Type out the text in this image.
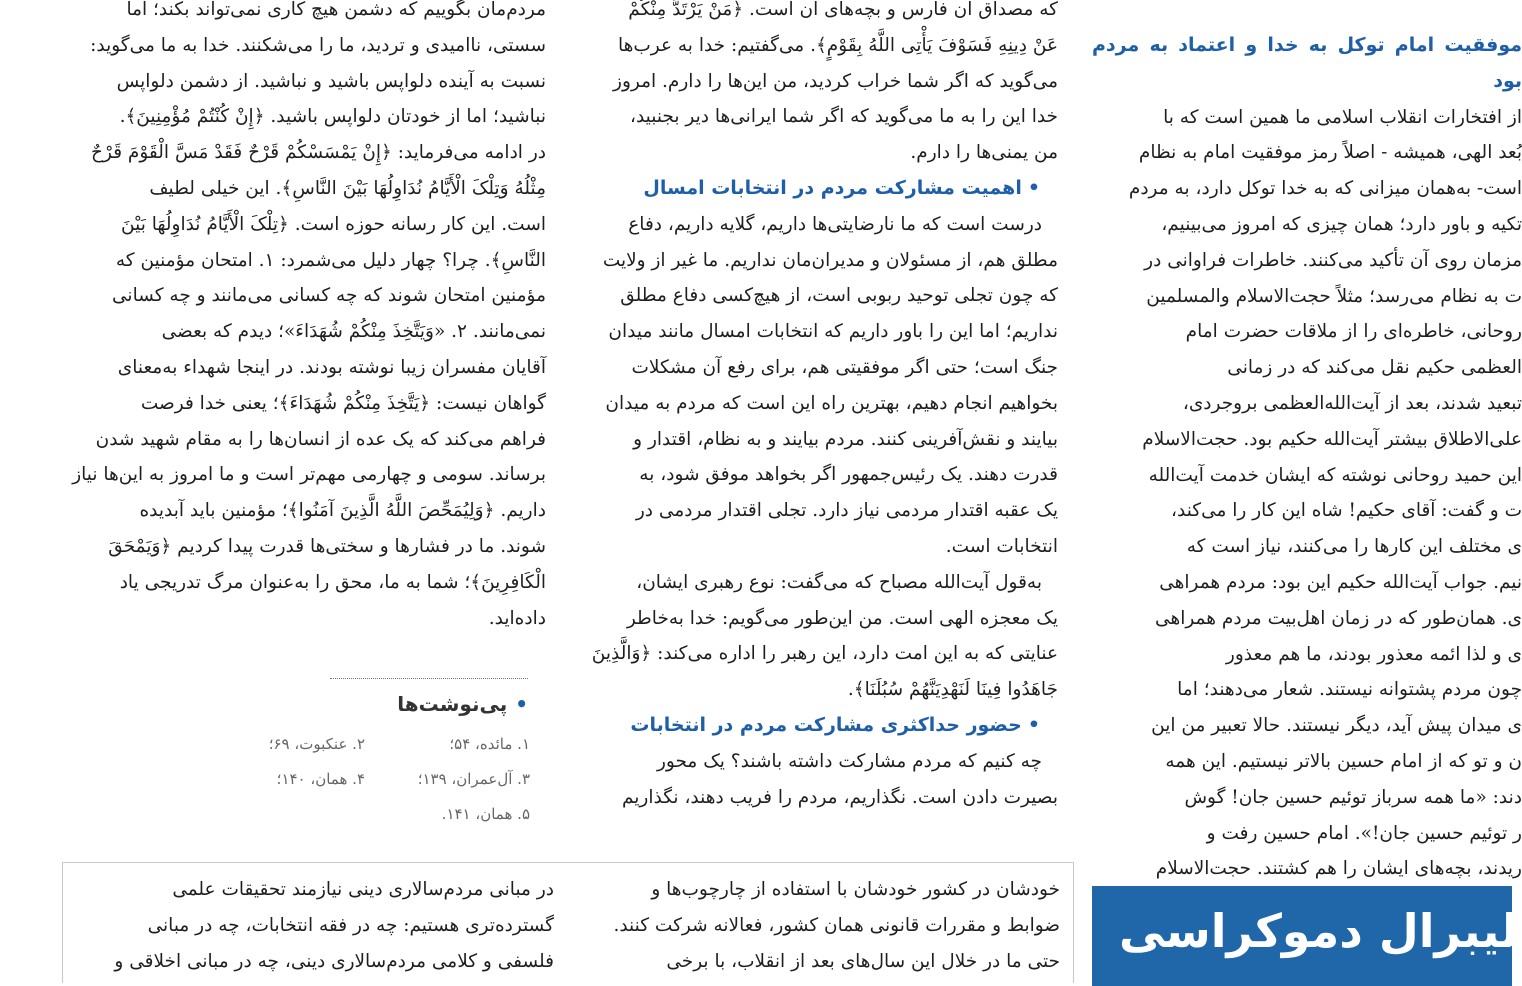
مردم‌مان بگوییم که دشمن هیچ کاری نمی‌تواند بکند؛ اما

سستی، ناامیدی و تردید، ما را می‌شکنند. خدا به ما می‌گوید:

نسبت به آینده دلواپس باشید و نباشید. از دشمن دلواپس

نباشید؛ اما از خودتان دلواپس باشید. ﴿إِنْ کُنْتُمْ مُؤْمِنِینَ﴾.

در ادامه می‌فرماید: ﴿إِنْ یَمْسَسْکُمْ قَرْحٌ فَقَدْ مَسَّ الْقَوْمَ قَرْحٌ

مِثْلُهُ وَتِلْکَ الْأَیَّامُ نُدَاوِلُهَا بَیْنَ النَّاسِ﴾. این خیلی لطیف

است. این کار رسانه حوزه است. ﴿تِلْکَ الْأَیَّامُ نُدَاوِلُهَا بَیْنَ

النَّاسِ﴾. چرا؟ چهار دلیل می‌شمرد: ۱. امتحان مؤمنین که

مؤمنین امتحان شوند که چه کسانی می‌مانند و چه کسانی

نمی‌مانند. ۲. «وَیَتَّخِذَ مِنْکُمْ شُهَدَاءَ»؛ دیدم که بعضی

آقایان مفسران زیبا نوشته بودند. در اینجا شهداء به‌معنای

گواهان نیست: ﴿یَتَّخِذَ مِنْکُمْ شُهَدَاءَ﴾؛ یعنی خدا فرصت

فراهم می‌کند که یک عده از انسان‌ها را به مقام شهید شدن

برساند. سومی و چهارمی مهم‌تر است و ما امروز به این‌ها نیاز

داریم. ﴿وَلِیُمَحِّصَ اللَّهُ الَّذِینَ آمَنُوا﴾؛ مؤمنین باید آبدیده

شوند. ما در فشارها و سختی‌ها قدرت پیدا کردیم ﴿وَیَمْحَقَ

الْکَافِرِینَ﴾؛ شما به ما، محق را به‌عنوان مرگ تدریجی یاد

داده‌اید.

•پی‌نوشت‌ها
۱. مائده، ۵۴؛
۲. عنکبوت، ۶۹؛
۳. آل‌عمران، ۱۳۹؛
۴. همان، ۱۴۰؛
۵. همان، ۱۴۱.

که مصداق آن فارس و بچه‌های آن است. ﴿مَنْ یَرْتَدَّ مِنْکُمْ

عَنْ دِینِهِ فَسَوْفَ یَأْتِی اللَّهُ بِقَوْمٍ﴾. می‌گفتیم: خدا به عرب‌ها

می‌گوید که اگر شما خراب کردید، من این‌ها را دارم. امروز

خدا این را به ما می‌گوید که اگر شما ایرانی‌ها دیر بجنبید،

من یمنی‌ها را دارم.

•اهمیت مشارکت مردم در انتخابات امسال

درست است که ما نارضایتی‌ها داریم، گلایه داریم، دفاع

مطلق هم، از مسئولان و مدیران‌مان نداریم. ما غیر از ولایت

که چون تجلی توحید ربوبی است، از هیچ‌کسی دفاع مطلق

نداریم؛ اما این را باور داریم که انتخابات امسال مانند میدان

جنگ است؛ حتی اگر موفقیتی هم، برای رفع آن مشکلات

بخواهیم انجام دهیم، بهترین راه این است که مردم به میدان

بیایند و نقش‌آفرینی کنند. مردم بیایند و به نظام، اقتدار و

قدرت دهند. یک رئیس‌جمهور اگر بخواهد موفق شود، به

یک عقبه اقتدار مردمی نیاز دارد. تجلی اقتدار مردمی در

انتخابات است.

به‌قول آیت‌الله مصباح که می‌گفت: نوع رهبری ایشان،

یک معجزه الهی است. من این‌طور می‌گویم: خدا به‌خاطر

عنایتی که به این امت دارد، این رهبر را اداره می‌کند: ﴿وَالَّذِینَ

جَاهَدُوا فِینَا لَنَهْدِیَنَّهُمْ سُبُلَنَا﴾.

•حضور حداکثری مشارکت مردم در انتخابات

چه کنیم که مردم مشارکت داشته باشند؟ یک محور

بصیرت دادن است. نگذاریم، مردم را فریب دهند، نگذاریم

موفقیت امام توکل به خدا و اعتماد به مردم بود

از افتخارات انقلاب اسلامی ما همین است که با

بُعد الهی، همیشه - اصلاً رمز موفقیت امام به نظام

است- به‌همان میزانی که به خدا توکل دارد، به مردم

تکیه و باور دارد؛ همان چیزی که امروز می‌بینیم،

مزمان روی آن تأکید می‌کنند. خاطرات فراوانی در

ت به نظام می‌رسد؛ مثلاً حجت‌الاسلام والمسلمین

روحانی، خاطره‌ای را از ملاقات حضرت امام

‌العظمی حکیم نقل می‌کند که در زمانی

تبعید شدند، بعد از آیت‌الله‌العظمی بروجردی،

علی‌الاطلاق بیشتر آیت‌الله حکیم بود. حجت‌الاسلام

این حمید روحانی نوشته که ایشان خدمت آیت‌الله

ت و گفت: آقای حکیم! شاه این کار را می‌کند،

ی مختلف این کارها را می‌کنند، نیاز است که

نیم. جواب آیت‌الله حکیم این بود: مردم همراهی

ی. همان‌طور که در زمان اهل‌بیت مردم همراهی

ی و لذا ائمه معذور بودند، ما هم معذور

چون مردم پشتوانه نیستند. شعار می‌دهند؛ اما

ی میدان پیش آید، دیگر نیستند. حالا تعبیر من این

ن و تو که از امام حسین بالاتر نیستیم. این همه

دند: «ما همه سرباز توئیم حسین جان! گوش

ر توئیم حسین جان!». امام حسین رفت و

ریدند، بچه‌های ایشان را هم کشتند. حجت‌الاسلام

در مبانی مردم‌سالاری دینی نیازمند تحقیقات علمی

گسترده‌تری هستیم: چه در فقه انتخابات، چه در مبانی

فلسفی و کلامی مردم‌سالاری دینی، چه در مبانی اخلاقی و

خودشان در کشور خودشان با استفاده از چارچوب‌ها و

ضوابط و مقررات قانونی همان کشور، فعالانه شرکت کنند.

حتی ما در خلال این سال‌های بعد از انقلاب، با برخی

لیبرال دموکراسی
